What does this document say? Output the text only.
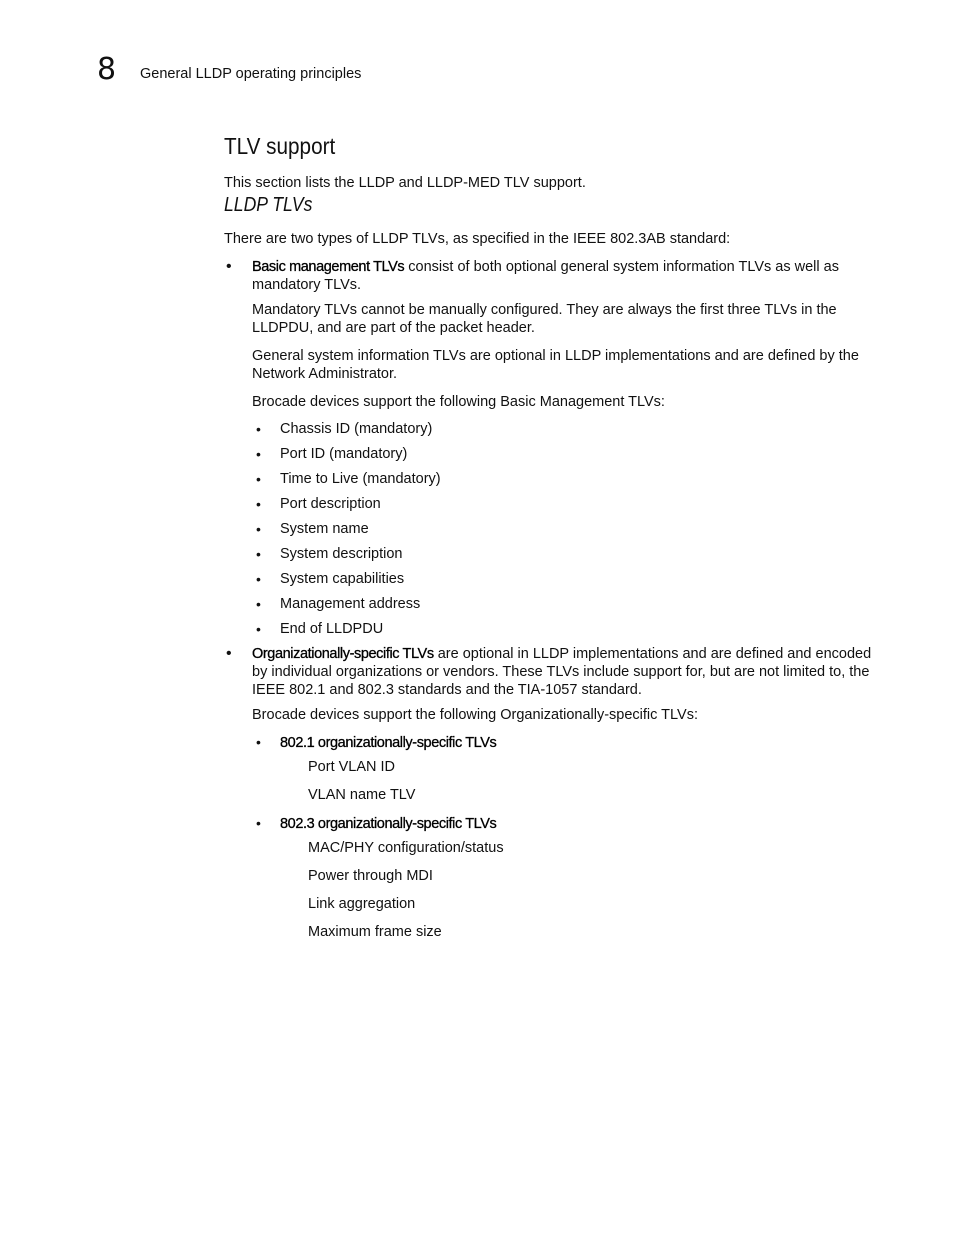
8 General LLDP operating principles
TLV support

This section lists the LLDP and LLDP-MED TLV support.

LLDP TLVs

There are two types of LLDP TLVs, as specified in the IEEE 802.3AB standard:

• Basic management TLVs consist of both optional general system information TLVs as well as mandatory TLVs.

Mandatory TLVs cannot be manually configured. They are always the first three TLVs in the LLDPDU, and are part of the packet header.

General system information TLVs are optional in LLDP implementations and are defined by the Network Administrator.

Brocade devices support the following Basic Management TLVs:

• Chassis ID (mandatory)
• Port ID (mandatory)
• Time to Live (mandatory)
• Port description
• System name
• System description
• System capabilities
• Management address
• End of LLDPDU

• Organizationally-specific TLVs are optional in LLDP implementations and are defined and encoded by individual organizations or vendors. These TLVs include support for, but are not limited to, the IEEE 802.1 and 802.3 standards and the TIA-1057 standard.

Brocade devices support the following Organizationally-specific TLVs:

• 802.1 organizationally-specific TLVs

Port VLAN ID

VLAN name TLV

• 802.3 organizationally-specific TLVs

MAC/PHY configuration/status

Power through MDI

Link aggregation

Maximum frame size
